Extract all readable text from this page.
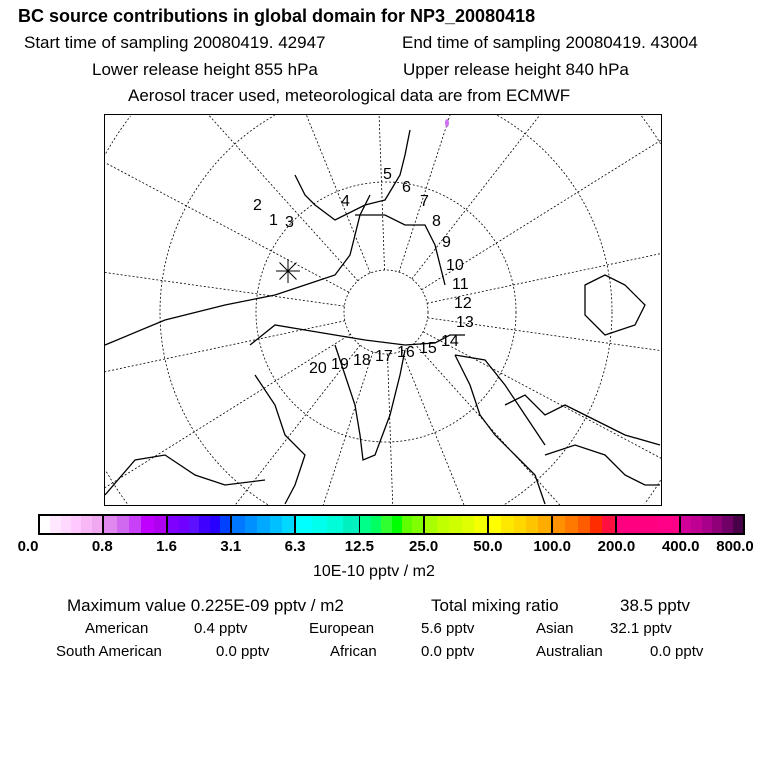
BC source contributions in global domain for NP3_20080418
Start time of sampling 20080419. 42947	End time of sampling 20080419. 43004
Lower release height 855 hPa	Upper release height 840 hPa
Aerosol tracer used, meteorological data are from ECMWF
1
2
3
4
5
6
7
8
9
10
11
12
13
14
15
16
17
18
19
20
0.0	0.8	1.6	3.1	6.3	12.5 25.0 50.0 100.0 200.0 400.0 800.0
10E-10 pptv / m2
Maximum value 0.225E-09 pptv / m2	Total mixing ratio	38.5 pptv
American	0.4 pptv	European	5.6 pptv	Asian 32.1 pptv
South American	0.0 pptv	African	0.0 pptv	Australian	0.0 pptv
